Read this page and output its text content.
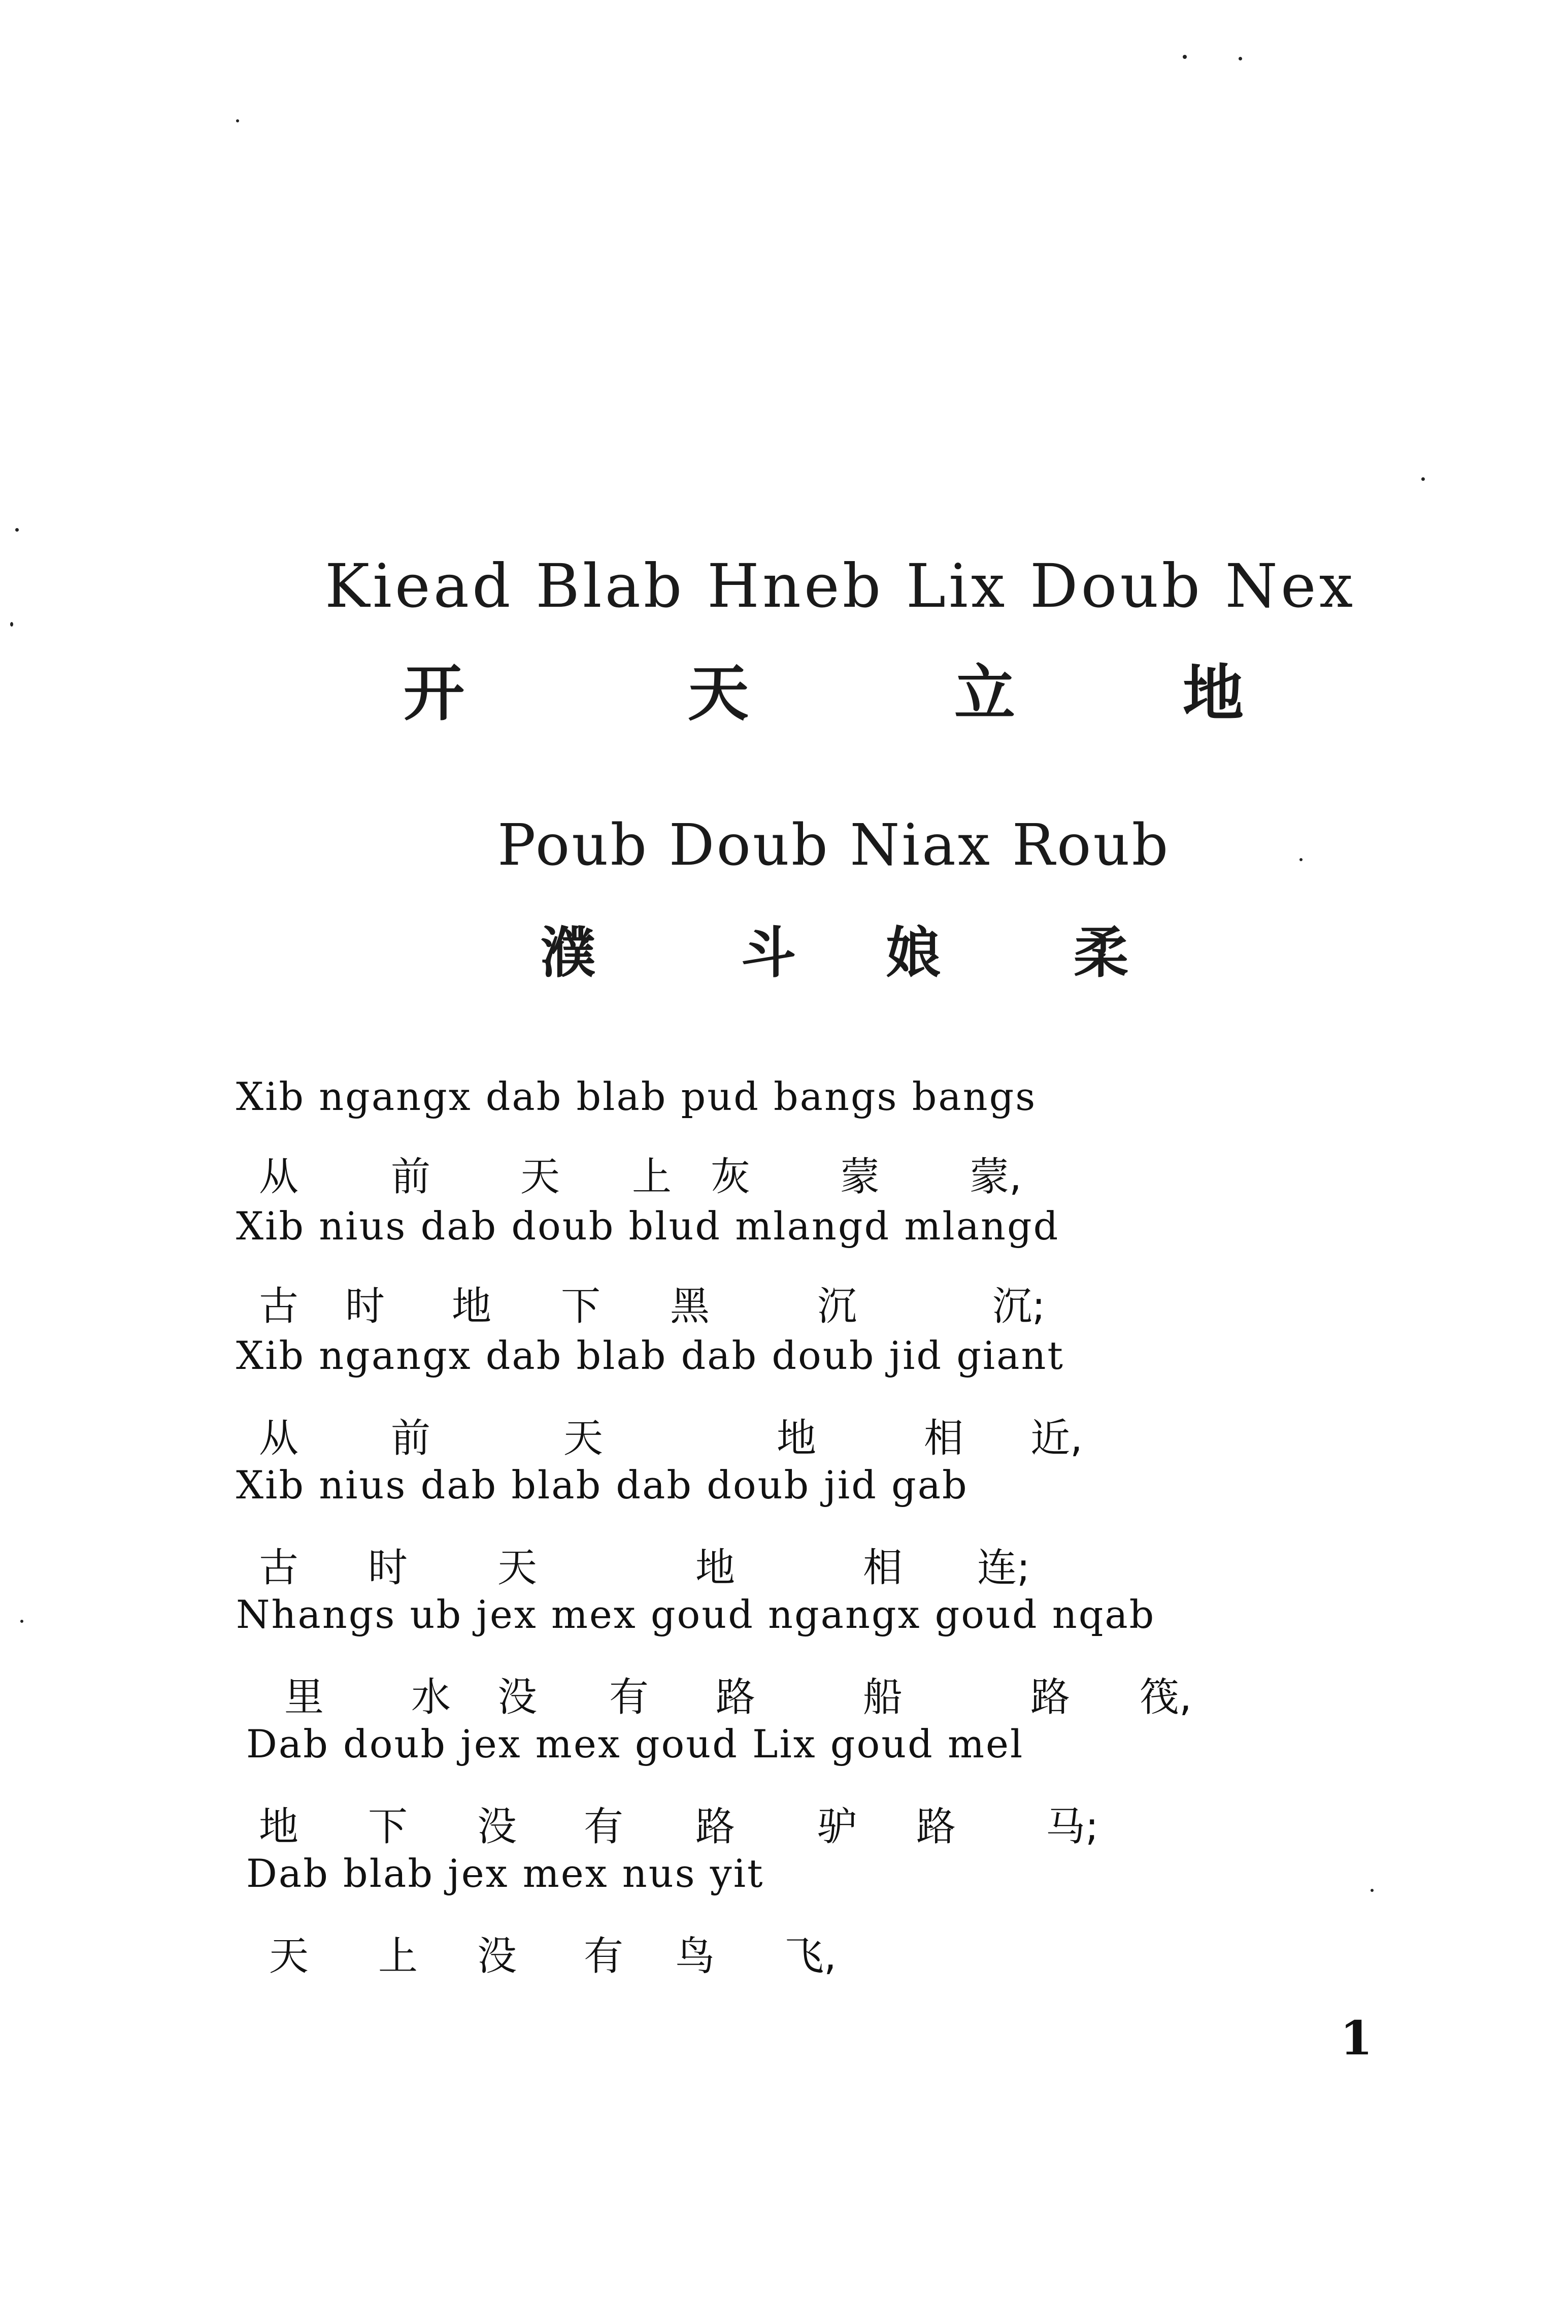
Kiead Blab Hneb Lix Doub Nex
开	天	立	地
Poub Doub Niax Roub
濮	斗 娘 柔
Xib ngangx dab blab pud bangs bangs
从 前 天 上 灰 蒙 蒙,
Xib nius dab doub blud mlangd mlangd
古 时 地 下 黑	沉	沉;
Xib ngangx dab blab dab doub jid giant
从 前	天	地	相 近,
Xib nius dab blab dab doub jid gab
古 时 天	地	相 连;
Nhangs ub jex mex goud ngangx goud nqab
里 水 没 有 路	船	路 筏,
Dab doub jex mex goud Lix goud mel
地 下 没 有 路 驴 路 马;
Dab blab jex mex nus yit
天 上 没 有 鸟 飞,
1
